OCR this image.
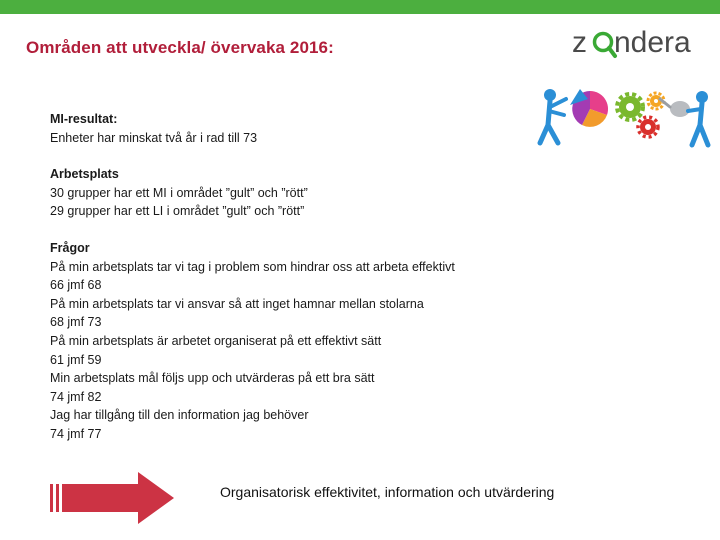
Områden att utveckla/ övervaka 2016:	z ndera
MI-resultat:
Enheter har minskat två år i rad till 73
Arbetsplats
30 grupper har ett MI i området ”gult” och ”rött”
29 grupper har ett LI i området ”gult” och ”rött”
Frågor
På min arbetsplats tar vi tag i problem som hindrar oss att arbeta effektivt
66 jmf 68
På min arbetsplats tar vi ansvar så att inget hamnar mellan stolarna
68 jmf 73
På min arbetsplats är arbetet organiserat på ett effektivt sätt
61 jmf 59
Min arbetsplats mål följs upp och utvärderas på ett bra sätt
74 jmf 82
Jag har tillgång till den information jag behöver
74 jmf 77
Organisatorisk effektivitet, information och utvärdering
